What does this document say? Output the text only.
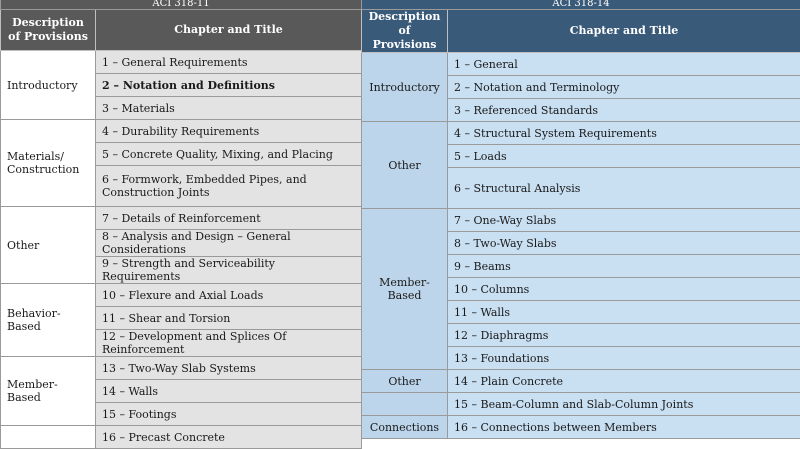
ACI 318-11	
Description of Provisions	Chapter and Title
Introductory	1 – General Requirements
	2 – Notation and Definitions
	3 – Materials
Materials/ Construction	4 – Durability Requirements
	5 – Concrete Quality, Mixing, and Placing
	6 – Formwork, Embedded Pipes, and Construction Joints
Other	7 – Details of Reinforcement
	8 – Analysis and Design – General Considerations
	9 – Strength and Serviceability Requirements
Behavior-Based	10 – Flexure and Axial Loads
	11 – Shear and Torsion
	12 – Development and Splices Of Reinforcement
Member-Based	13 – Two-Way Slab Systems
	14 – Walls
	15 – Footings
	16 – Precast Concrete
ACI 318-14	
Description of Provisions	Chapter and Title
Introductory	1 – General
	2 – Notation and Terminology
	3 – Referenced Standards
Other	4 – Structural System Requirements
	5 – Loads
	6 – Structural Analysis
Member-Based	7 – One-Way Slabs
	8 – Two-Way Slabs
	9 – Beams
	10 – Columns
	11 – Walls
	12 – Diaphragms
	13 – Foundations
Other	14 – Plain Concrete
	15 – Beam-Column and Slab-Column Joints
Connections	16 – Connections between Members
